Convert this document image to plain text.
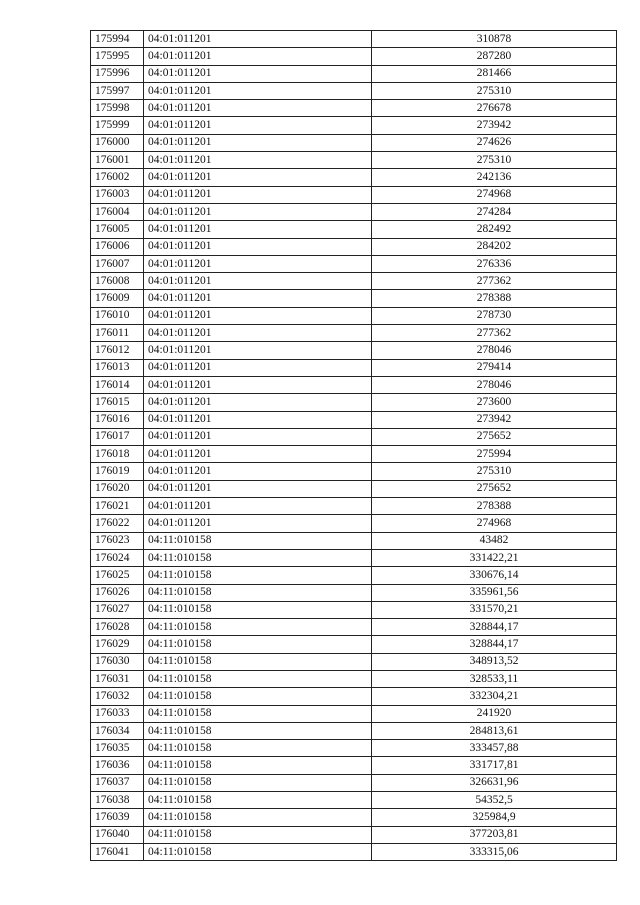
175994	04:01:011201	310878
175995	04:01:011201	287280
175996	04:01:011201	281466
175997	04:01:011201	275310
175998	04:01:011201	276678
175999	04:01:011201	273942
176000	04:01:011201	274626
176001	04:01:011201	275310
176002	04:01:011201	242136
176003	04:01:011201	274968
176004	04:01:011201	274284
176005	04:01:011201	282492
176006	04:01:011201	284202
176007	04:01:011201	276336
176008	04:01:011201	277362
176009	04:01:011201	278388
176010	04:01:011201	278730
176011	04:01:011201	277362
176012	04:01:011201	278046
176013	04:01:011201	279414
176014	04:01:011201	278046
176015	04:01:011201	273600
176016	04:01:011201	273942
176017	04:01:011201	275652
176018	04:01:011201	275994
176019	04:01:011201	275310
176020	04:01:011201	275652
176021	04:01:011201	278388
176022	04:01:011201	274968
176023	04:11:010158	43482
176024	04:11:010158	331422,21
176025	04:11:010158	330676,14
176026	04:11:010158	335961,56
176027	04:11:010158	331570,21
176028	04:11:010158	328844,17
176029	04:11:010158	328844,17
176030	04:11:010158	348913,52
176031	04:11:010158	328533,11
176032	04:11:010158	332304,21
176033	04:11:010158	241920
176034	04:11:010158	284813,61
176035	04:11:010158	333457,88
176036	04:11:010158	331717,81
176037	04:11:010158	326631,96
176038	04:11:010158	54352,5
176039	04:11:010158	325984,9
176040	04:11:010158	377203,81
176041	04:11:010158	333315,06
